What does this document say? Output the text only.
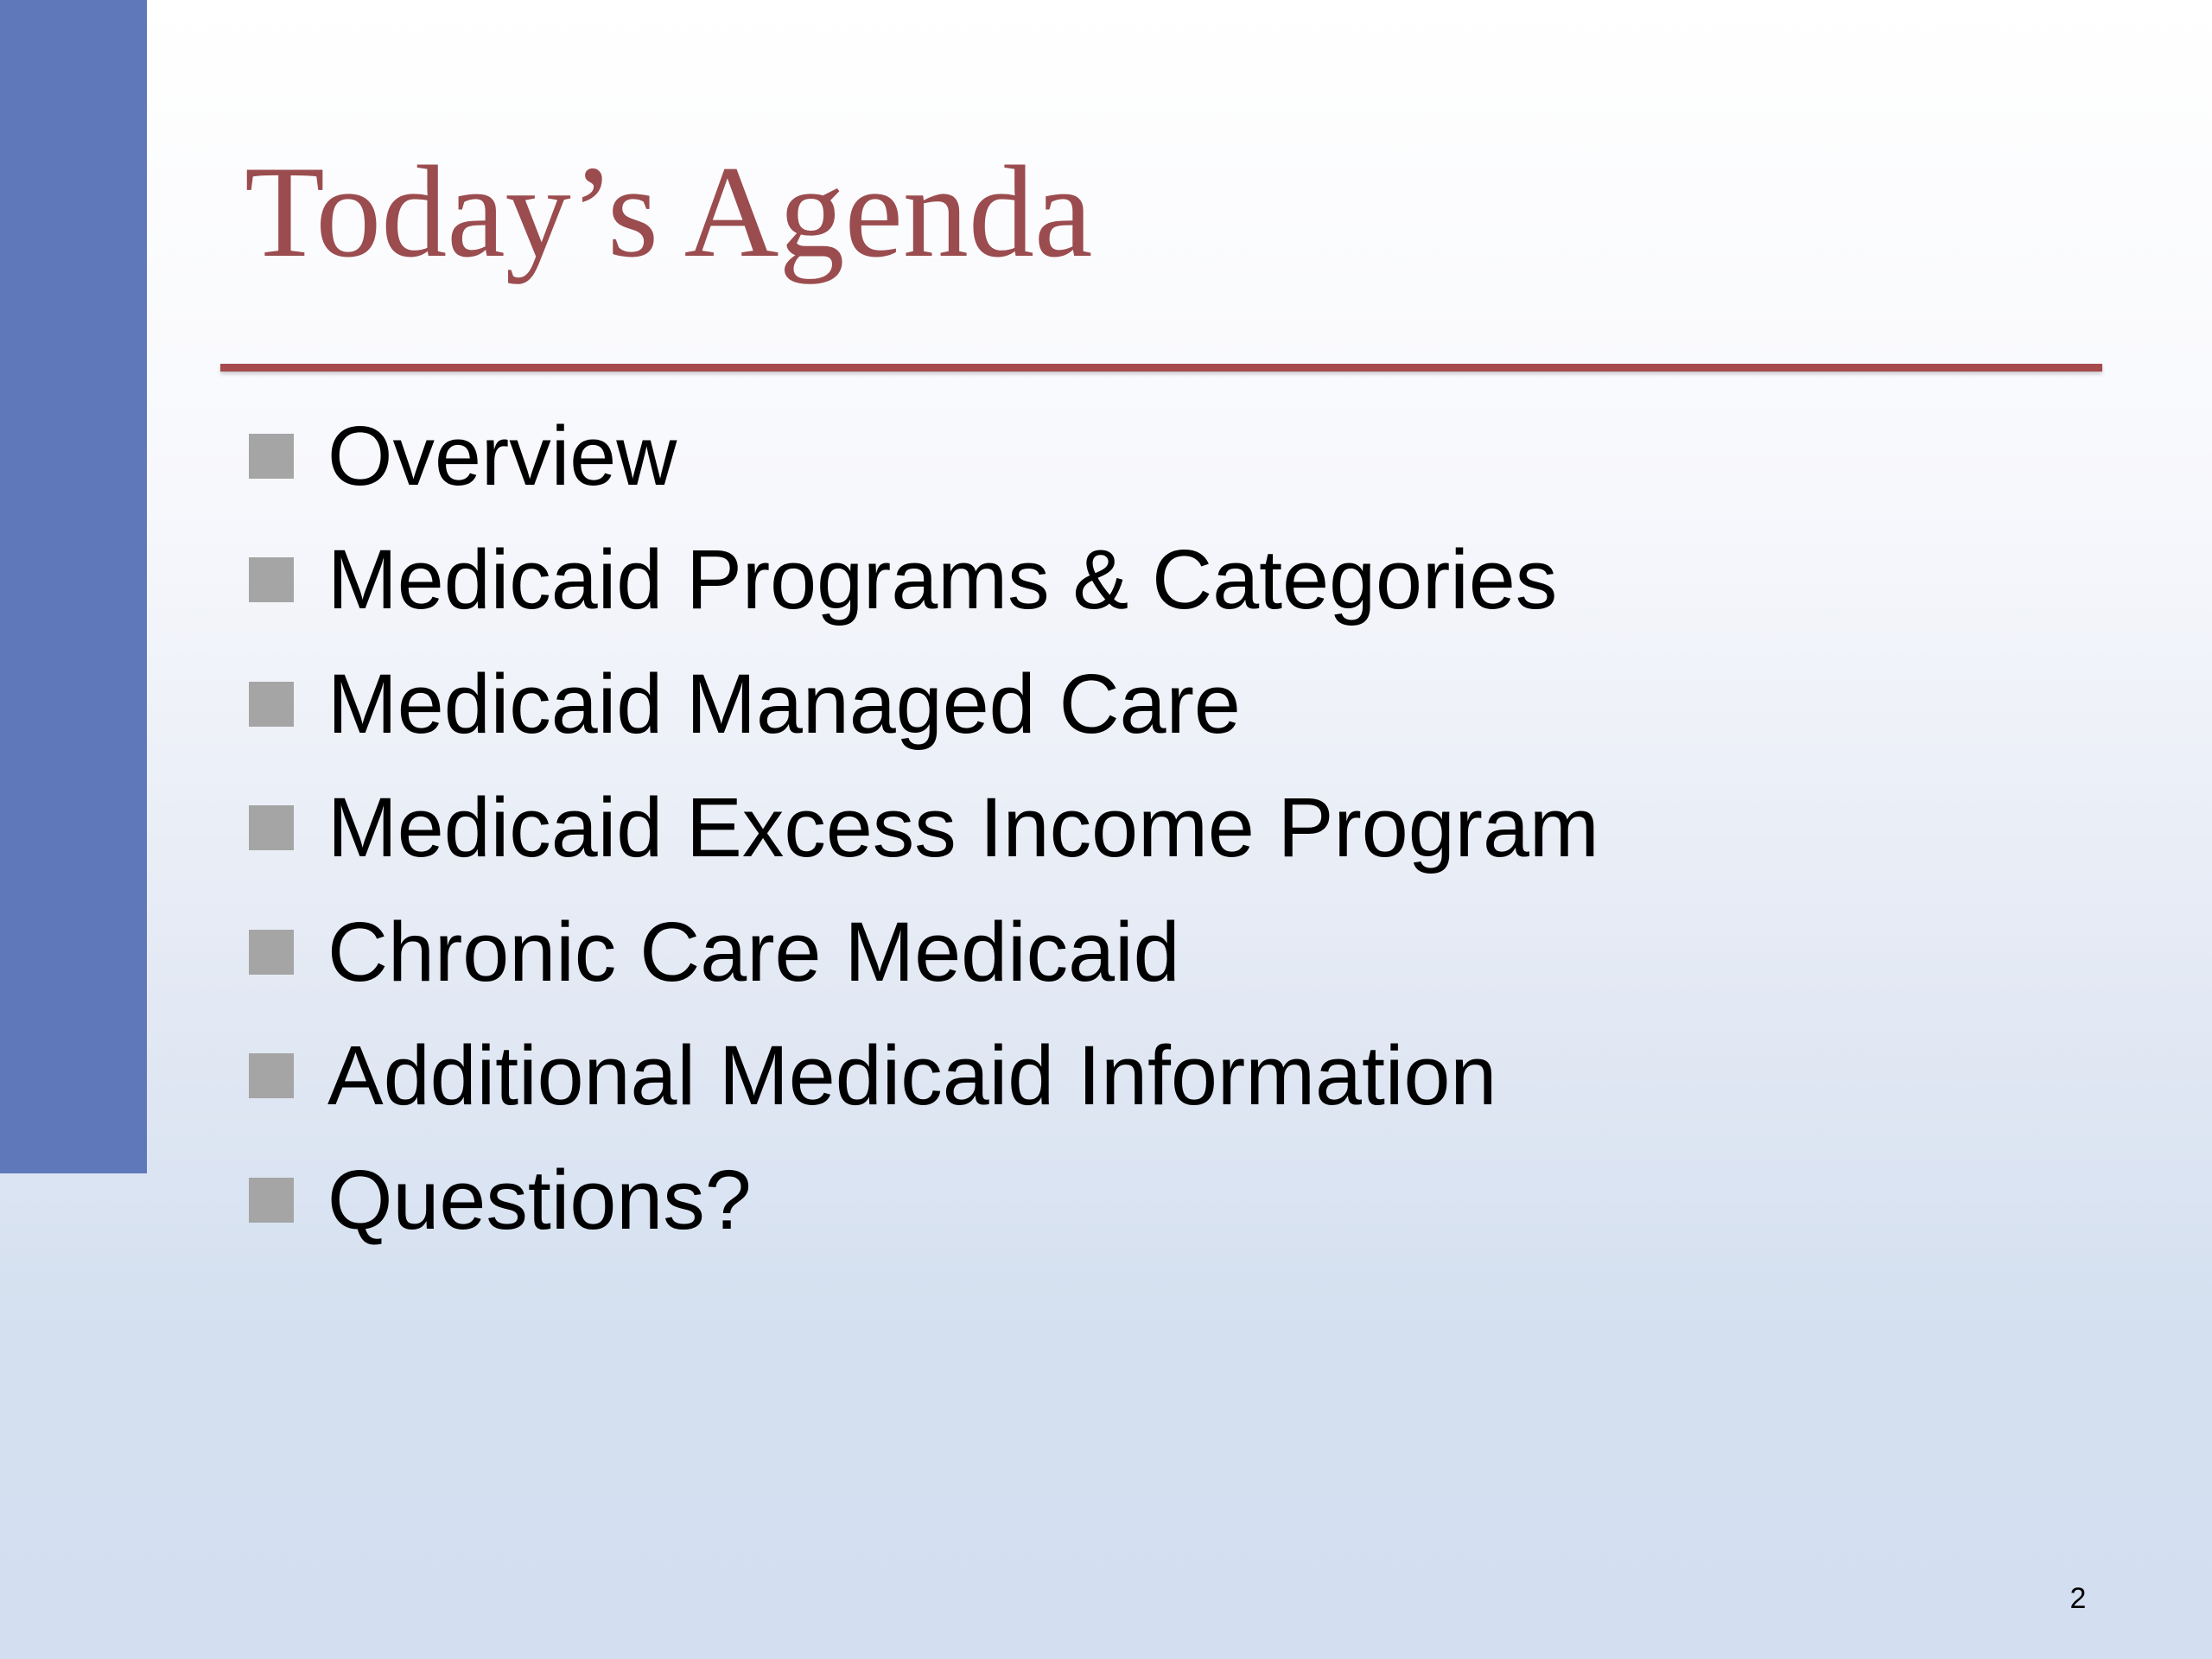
Today’s Agenda
Overview
Medicaid Programs & Categories
Medicaid Managed Care
Medicaid Excess Income Program
Chronic Care Medicaid
Additional Medicaid Information
Questions?
2
